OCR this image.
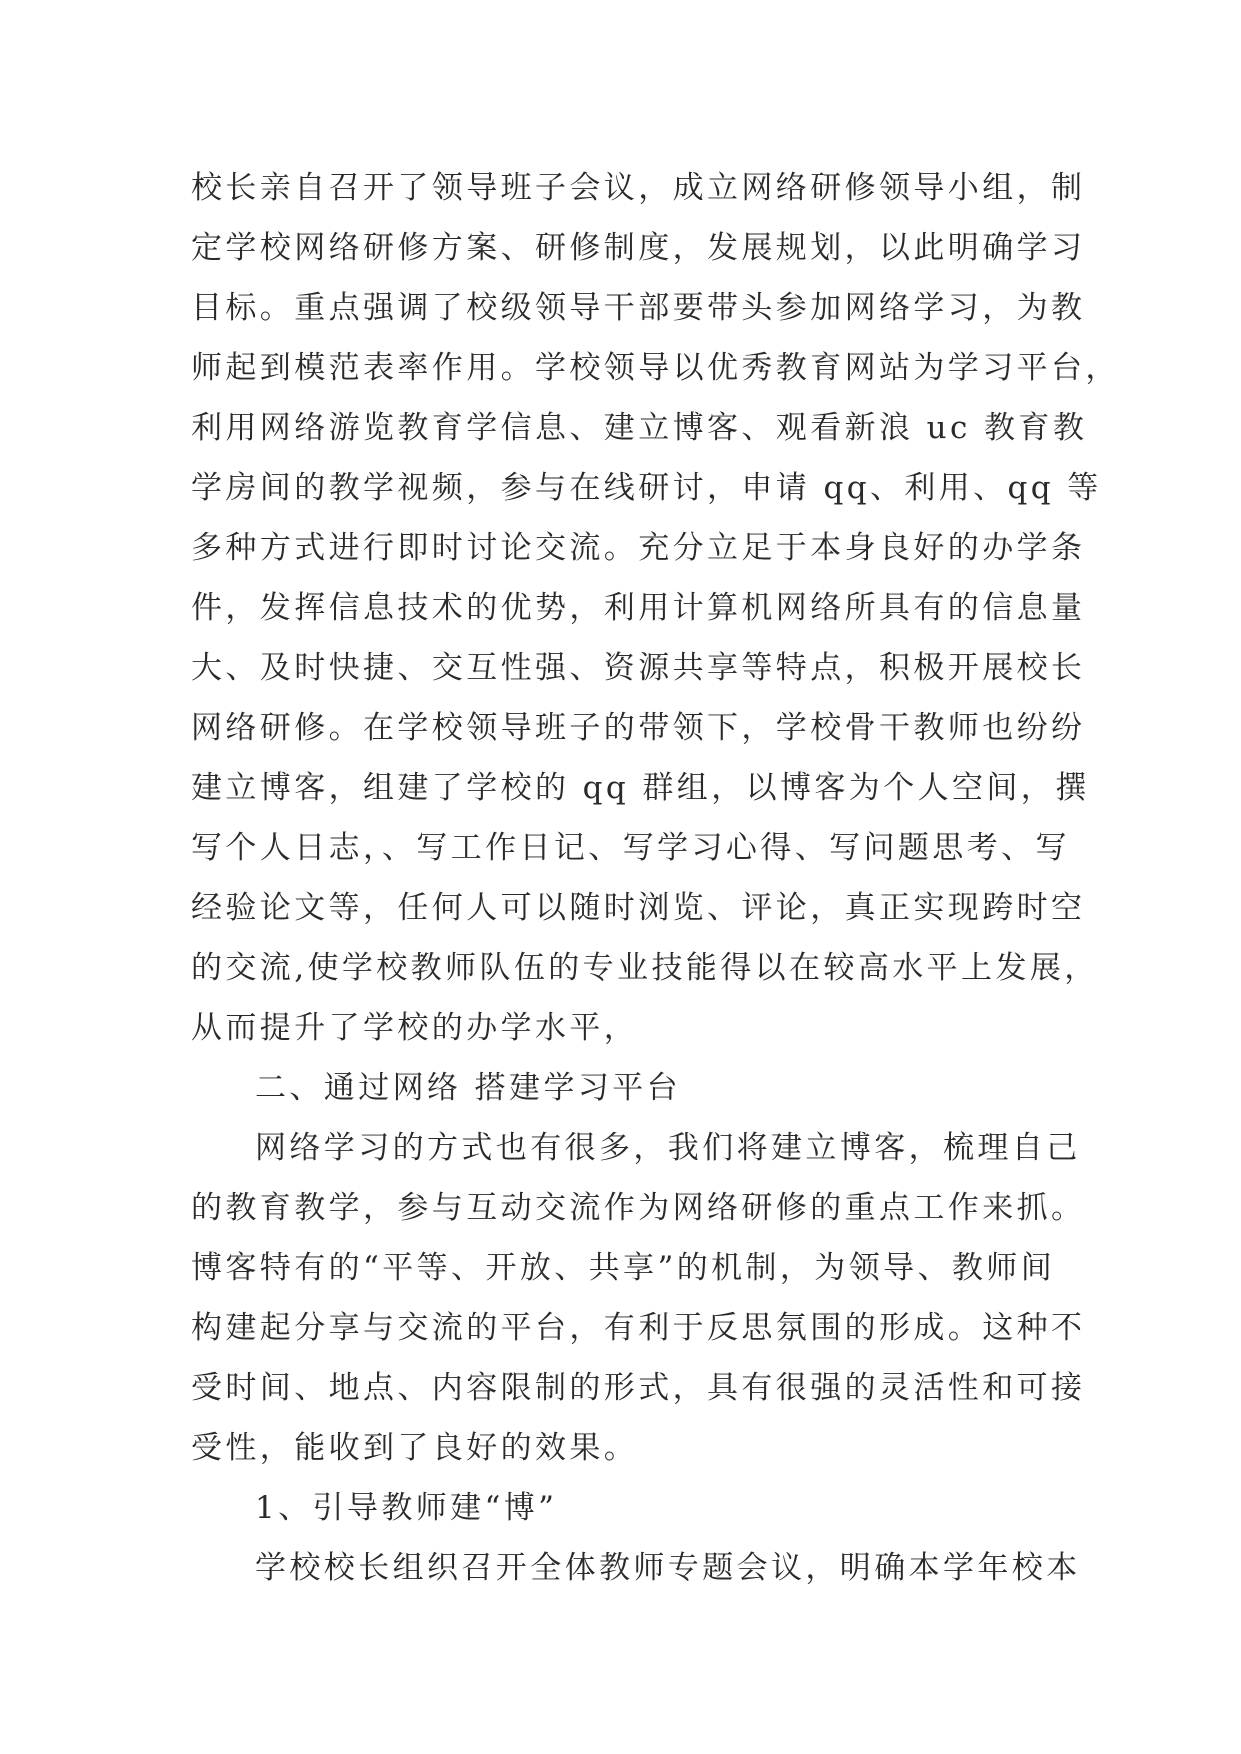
校长亲自召开了领导班子会议，成立网络研修领导小组，制
定学校网络研修方案、研修制度，发展规划，以此明确学习
目标。重点强调了校级领导干部要带头参加网络学习，为教
师起到模范表率作用。学校领导以优秀教育网站为学习平台，
利用网络游览教育学信息、建立博客、观看新浪 uc 教育教
学房间的教学视频，参与在线研讨，申请 qq、利用、qq 等
多种方式进行即时讨论交流。充分立足于本身良好的办学条
件，发挥信息技术的优势，利用计算机网络所具有的信息量
大、及时快捷、交互性强、资源共享等特点，积极开展校长
网络研修。在学校领导班子的带领下，学校骨干教师也纷纷
建立博客，组建了学校的 qq 群组，以博客为个人空间，撰
写个人日志，、写工作日记、写学习心得、写问题思考、写
经验论文等，任何人可以随时浏览、评论，真正实现跨时空
的交流,使学校教师队伍的专业技能得以在较高水平上发展，
从而提升了学校的办学水平，
二、通过网络 搭建学习平台
网络学习的方式也有很多，我们将建立博客，梳理自己
的教育教学，参与互动交流作为网络研修的重点工作来抓。
博客特有的“平等、开放、共享”的机制，为领导、教师间
构建起分享与交流的平台，有利于反思氛围的形成。这种不
受时间、地点、内容限制的形式，具有很强的灵活性和可接
受性，能收到了良好的效果。
1、引导教师建“博”
学校校长组织召开全体教师专题会议，明确本学年校本
